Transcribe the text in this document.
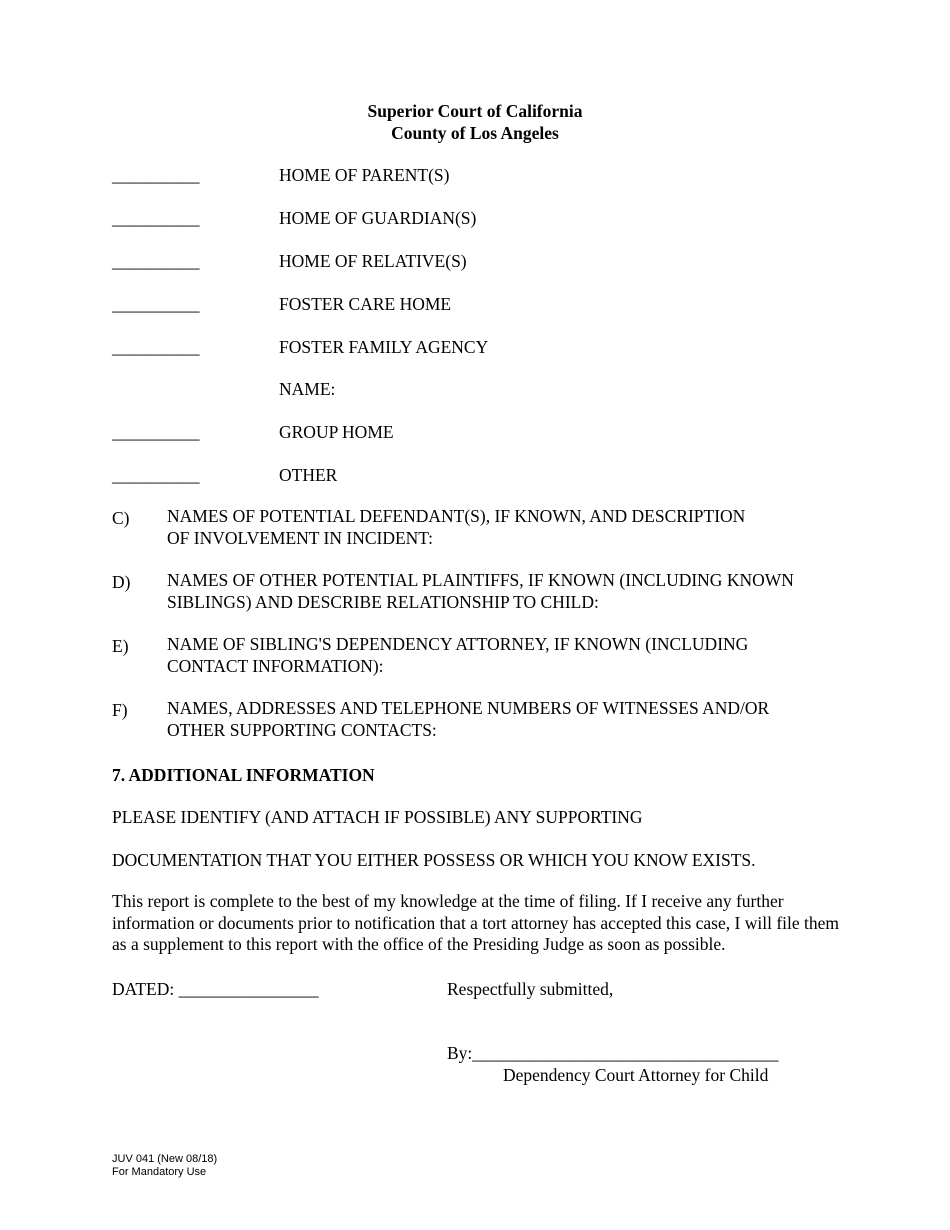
Superior Court of California
County of Los Angeles
__________	HOME OF PARENT(S)
__________	HOME OF GUARDIAN(S)
__________	HOME OF RELATIVE(S)
__________	FOSTER CARE HOME
__________	FOSTER FAMILY AGENCY
NAME:
__________	GROUP HOME
__________	OTHER
C) NAMES OF POTENTIAL DEFENDANT(S), IF KNOWN, AND DESCRIPTION
OF INVOLVEMENT IN INCIDENT:
D) NAMES OF OTHER POTENTIAL PLAINTIFFS, IF KNOWN (INCLUDING KNOWN
SIBLINGS) AND DESCRIBE RELATIONSHIP TO CHILD:
E) NAME OF SIBLING'S DEPENDENCY ATTORNEY, IF KNOWN (INCLUDING
CONTACT INFORMATION):
F) NAMES, ADDRESSES AND TELEPHONE NUMBERS OF WITNESSES AND/OR
OTHER SUPPORTING CONTACTS:
7. ADDITIONAL INFORMATION
PLEASE IDENTIFY (AND ATTACH IF POSSIBLE) ANY SUPPORTING
DOCUMENTATION THAT YOU EITHER POSSESS OR WHICH YOU KNOW EXISTS.
This report is complete to the best of my knowledge at the time of filing. If I receive any further information or documents prior to notification that a tort attorney has accepted this case, I will file them as a supplement to this report with the office of the Presiding Judge as soon as possible.
DATED: ________________	Respectfully submitted,
By:___________________________________
Dependency Court Attorney for Child
JUV 041 (New 08/18)
For Mandatory Use
